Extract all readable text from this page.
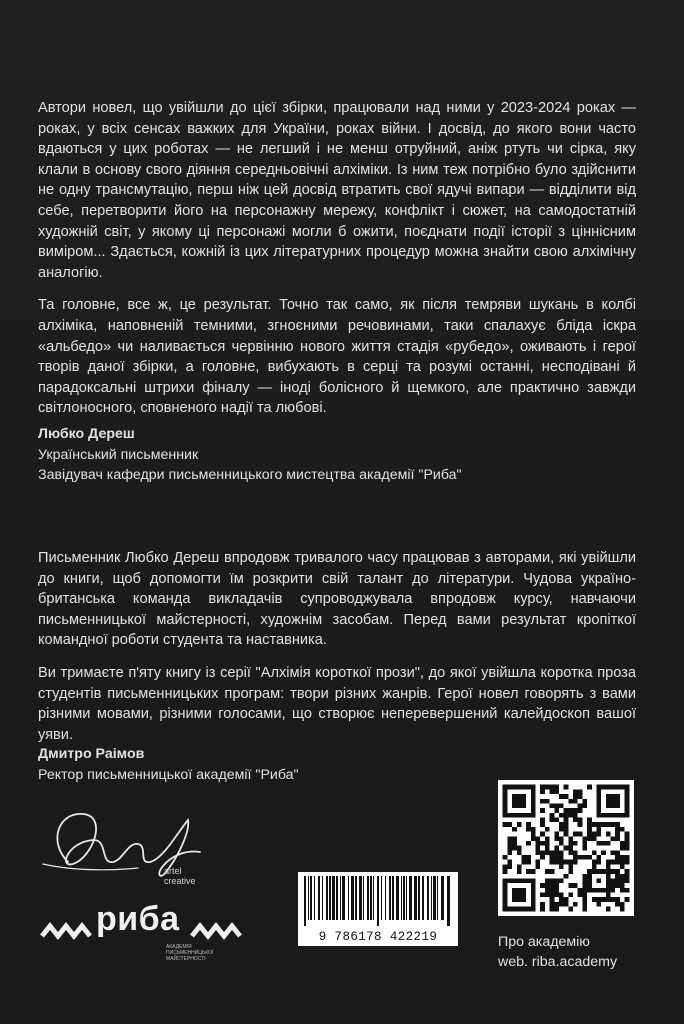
Автори новел, що увійшли до цієї збірки, працювали над ними у 2023-2024 роках — роках, у всіх сенсах важких для України, роках війни. І досвід, до якого вони часто вдаються у цих роботах — не легший і не менш отруйний, аніж ртуть чи сірка, яку клали в основу свого діяння середньовічні алхіміки. Із ним теж потрібно було здійснити не одну трансмутацію, перш ніж цей досвід втратить свої ядучі випари — відділити від себе, перетворити його на персонажну мережу, конфлікт і сюжет, на самодостатній художній світ, у якому ці персонажі могли б ожити, поєднати події історії з ціннісним виміром... Здається, кожній із цих літературних процедур можна знайти свою алхімічну аналогію.

Та головне, все ж, це результат. Точно так само, як після темряви шукань в колбі алхіміка, наповненій темними, згноєними речовинами, таки спалахує бліда іскра «альбедо» чи наливається червінню нового життя стадія «рубедо», оживають і герої творів даної збірки, а головне, вибухають в серці та розумі останні, несподівані й парадоксальні штрихи фіналу — іноді болісного й щемкого, але практично завжди світлоносного, сповненого надії та любові.

Любко Дереш
Український письменник
Завідувач кафедри письменницького мистецтва академії "Риба"

Письменник Любко Дереш впродовж тривалого часу працював з авторами, які увійшли до книги, щоб допомогти їм розкрити свій талант до літератури. Чудова україно-британська команда викладачів супроводжувала впродовж курсу, навчаючи письменницької майстерності, художнім засобам. Перед вами результат кропіткої командної роботи студента та наставника.

Ви тримаєте п'яту книгу із серії "Алхімія короткої прози", до якої увійшла коротка проза студентів письменницьких програм: твори різних жанрів. Герої новел говорять з вами різними мовами, різними голосами, що створює неперевершений калейдоскоп вашої уяви.

Дмитро Раімов
Ректор письменницької академії "Риба"
artel
creative
риба
АКАДЕМІЯ
ПИСЬМЕННИЦЬКОЇ
МАЙСТЕРНОСТІ
9 786178 422219	Про академію
web. riba.academy
